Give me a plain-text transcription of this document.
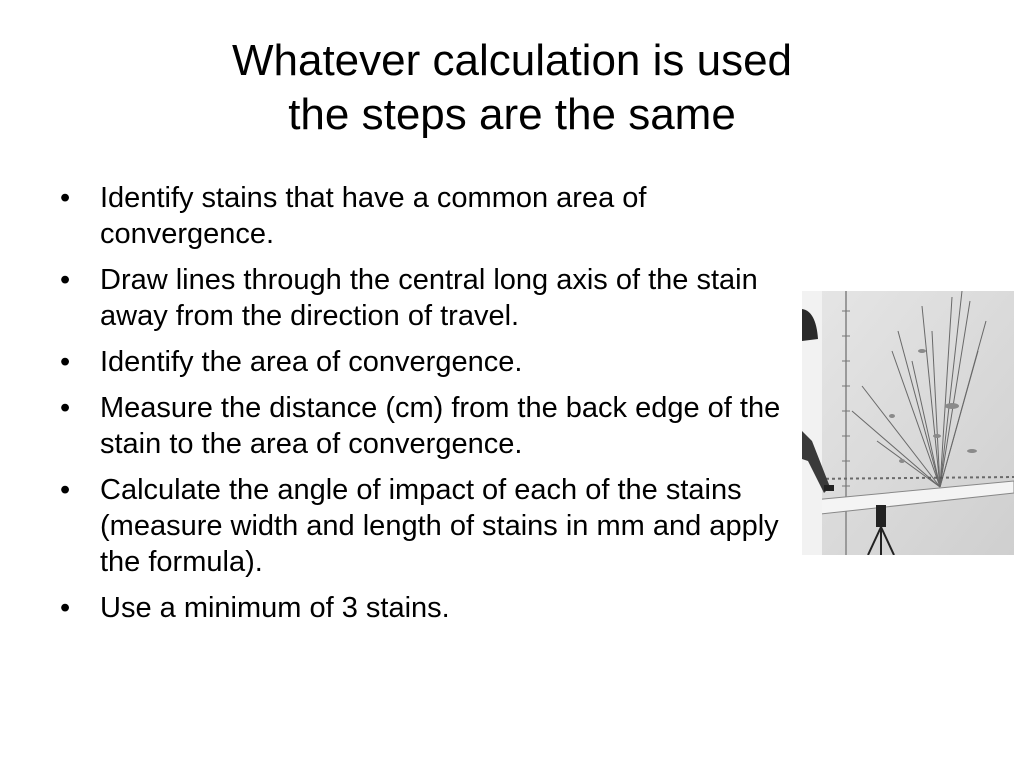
Whatever calculation is used
the steps are the same
•	Identify stains that have a common area of convergence.
•	Draw lines through the central long axis of the stain away from the direction of travel.
•	Identify the area of convergence.
•	Measure the distance (cm) from the back edge of the stain to the area of convergence.
•	Calculate the angle of impact of each of the stains (measure width and length of stains in mm and apply the formula).
•	Use a minimum of 3 stains.
